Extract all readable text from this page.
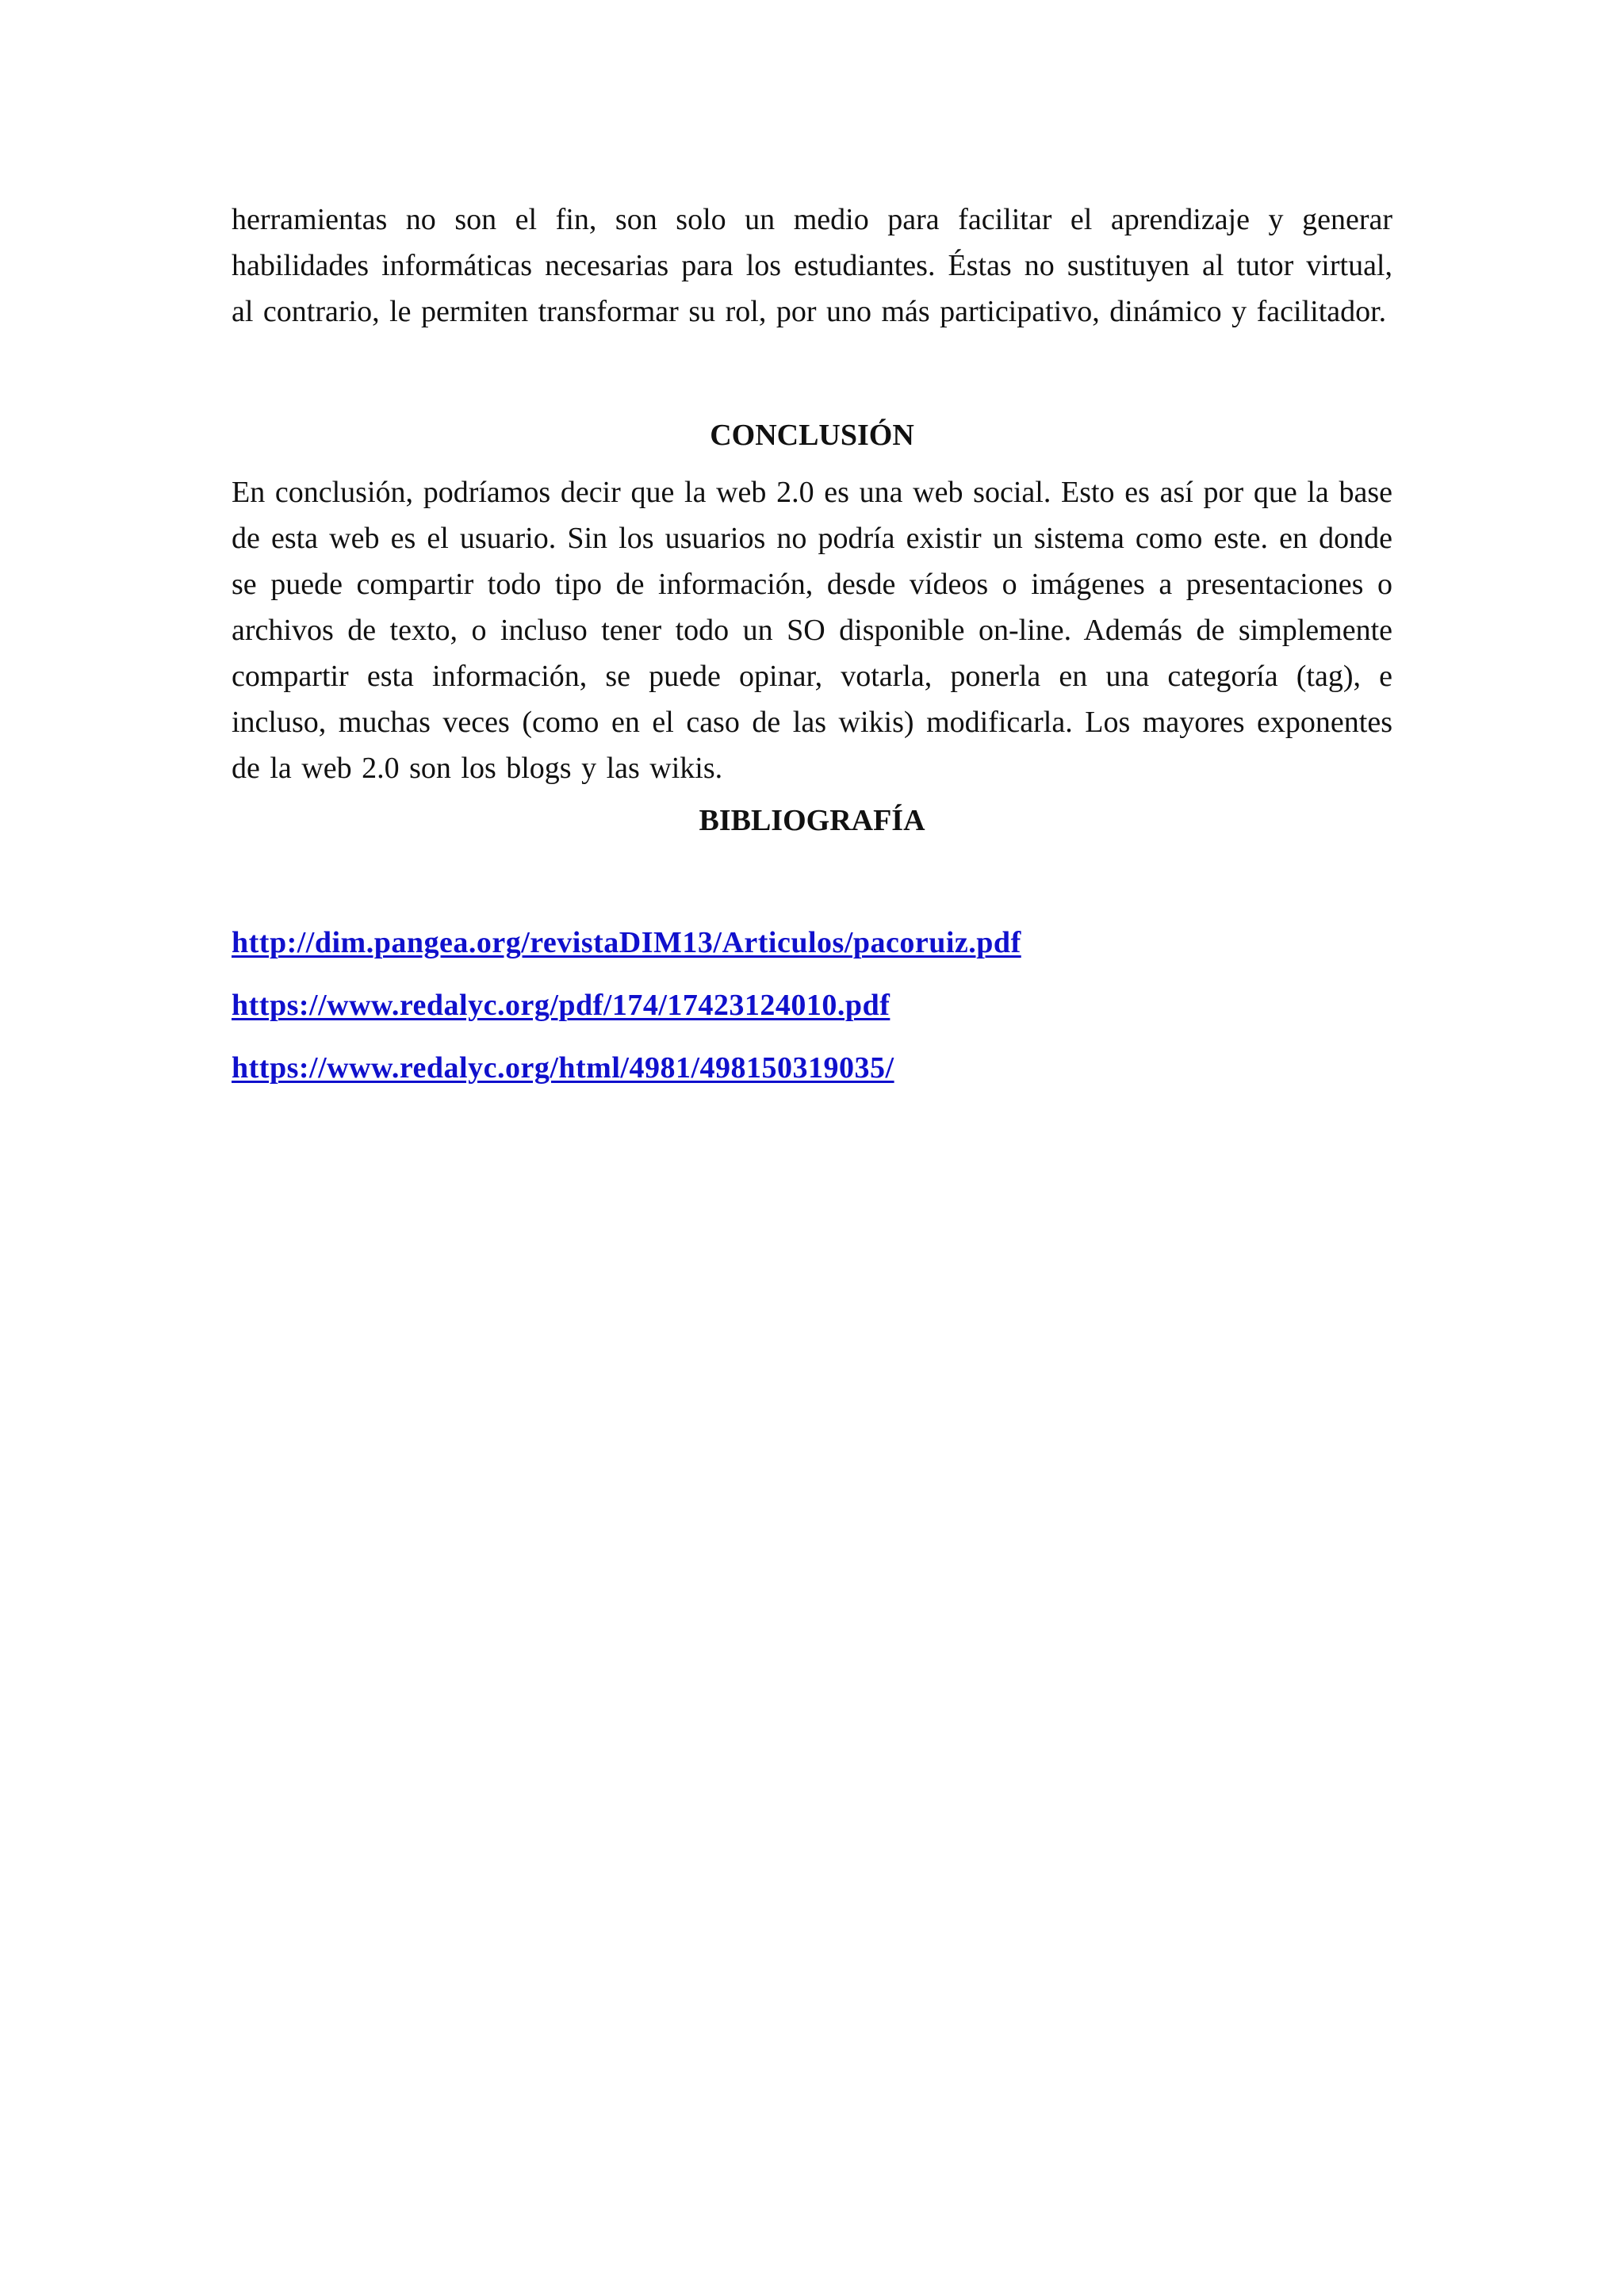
herramientas no son el fin, son solo un medio para facilitar el aprendizaje y generar habilidades informáticas necesarias para los estudiantes. Éstas no sustituyen al tutor virtual, al contrario, le permiten transformar su rol, por uno más participativo, dinámico y facilitador.

CONCLUSIÓN

En conclusión, podríamos decir que la web 2.0 es una web social. Esto es así por que la base de esta web es el usuario. Sin los usuarios no podría existir un sistema como este. en donde se puede compartir todo tipo de información, desde vídeos o imágenes a presentaciones o archivos de texto, o incluso tener todo un SO disponible on-line. Además de simplemente compartir esta información, se puede opinar, votarla, ponerla en una categoría (tag), e incluso, muchas veces (como en el caso de las wikis) modificarla. Los mayores exponentes de la web 2.0 son los blogs y las wikis.

BIBLIOGRAFÍA
http://dim.pangea.org/revistaDIM13/Articulos/pacoruiz.pdf
https://www.redalyc.org/pdf/174/17423124010.pdf
https://www.redalyc.org/html/4981/498150319035/
